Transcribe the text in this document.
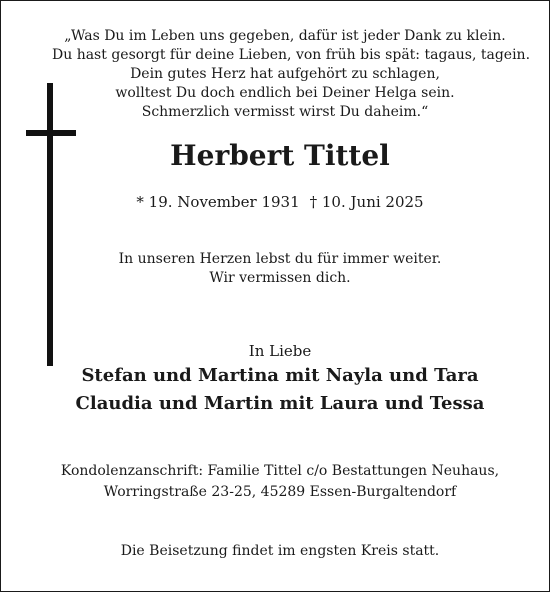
„Was Du im Leben uns gegeben, dafür ist jeder Dank zu klein.
Du hast gesorgt für deine Lieben, von früh bis spät: tagaus, tagein.
Dein gutes Herz hat aufgehört zu schlagen,
wolltest Du doch endlich bei Deiner Helga sein.
Schmerzlich vermisst wirst Du daheim.“
Herbert Tittel
* 19. November 1931 † 10. Juni 2025
In unseren Herzen lebst du für immer weiter.
Wir vermissen dich.
In Liebe
Stefan und Martina mit Nayla und Tara
Claudia und Martin mit Laura und Tessa
Kondolenzanschrift: Familie Tittel c/o Bestattungen Neuhaus,
Worringstraße 23-25, 45289 Essen-Burgaltendorf
Die Beisetzung findet im engsten Kreis statt.
